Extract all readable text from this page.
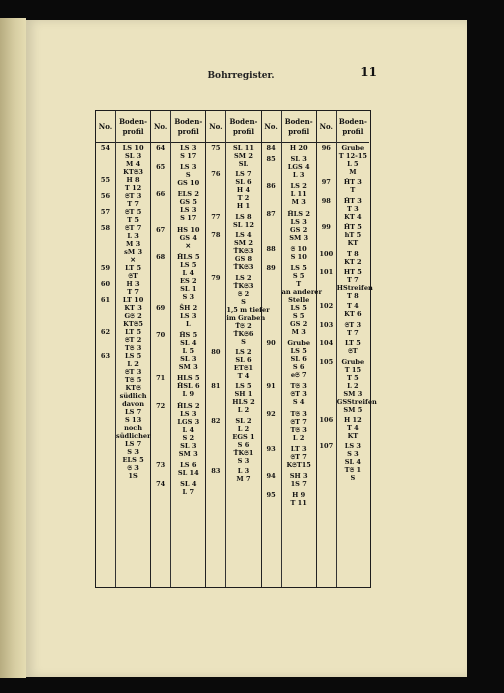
Bohrregister.	11
No.
54
55
56
57
58
59
60
61
62
63
Boden-
profil
LS 10
SL 3
M 4
KT𝔖3
H 8
T 12
𝔖T 3
T 7
𝔖T 5
T 5
𝔖T 7
L 3
M 3
sM 3
✕
LT 5
𝔖T
H 3
T 7
LT 10
KT 3
G𝔖 2
KT𝔖5
LT 5
𝔖T 2
T𝔖 3
LS 5
L 2
𝔖T 3
T𝔖 5
KT𝔖
südlich
davon
LS 7
S 13
noch
südlicher
LS 7
S 3
ELS 5
𝔖 3
1S
No.
64
65
66
67
68
69
70
71
72
73
74
Boden-
profil
LS 3
S 17
LS 3
S
GS 10
ELS 2
GS 5
LS 3
S 17
HS 10
GS 4
✕
ĤLS 5
LS 5
L 4
ES 2
SL 1
S 3
ŜH 2
LS 3
L
ĤS 5
SL 4
L 5
SL 3
SM 3
HLS 5
ĤSL 6
L 9
ĤLS 2
LS 3
LGS 3
L 4
S 2
SL 3
SM 3
LS 6
SL 14
SL 4
L 7
No.
75
76
77
78
79
80
81
82
83
Boden-
profil
SL 11
SM 2
SL
LS 7
SL 6
H 4
T 2
H 1
LS 8
SL 12
LS 4
SM 2
T̂K𝔖3
GS 8
T̂K𝔖3
LS 2
T̂K𝔖3
𝔖 2
S
1,5 m tiefer
im Graben
T̂𝔖 2
T̂K𝔖6
S
LS 2
SL 6
ET𝔖1
T 4
LS 5
SH 1
HLS 2
L 2
SL 2
L 2
EGS 1
S 6
T̂K𝔖1
S 3
L 3
M 7
No.
84
85
86
87
88
89
90
91
92
93
94
95
Boden-
profil
H 20
SL 3
LGS 4
L 3
LS 2
L 11
M 3
ĤLS 2
LS 3
GS 2
SM 3
𝔖 10
S 10
LS 5
S 5
T
an anderer
Stelle
LS 5
S 5
GS 2
M 3
Grube
LS 5
SL 6
S 6
e𝔖 7
T𝔖 3
𝔖T 3
S 4
T𝔖 3
𝔖T 7
T𝔖 3
L 2
LT 3
𝔖T 7
K𝔖T15
SH 3
1S 7
H 9
T 11
No.
96
97
98
99
100
101
102
103
104
105
106
107
Boden-
profil
Grube
T 12-15
L 5
M
ĤT 3
T
ĤT 3
T 3
KT 4
ĤT 5
hT 5
KT
T 8
KT 2
HT 5
T 7
HStreifen
T 8
T 4
KT 6
𝔖T 3
T 7
LT 5
𝔖T
Grube
T 15
T 5
L 2
SM 3
GSStreifen
SM 5
H 12
T 4
KT
LS 3
S 3
SL 4
T𝔖 1
S
